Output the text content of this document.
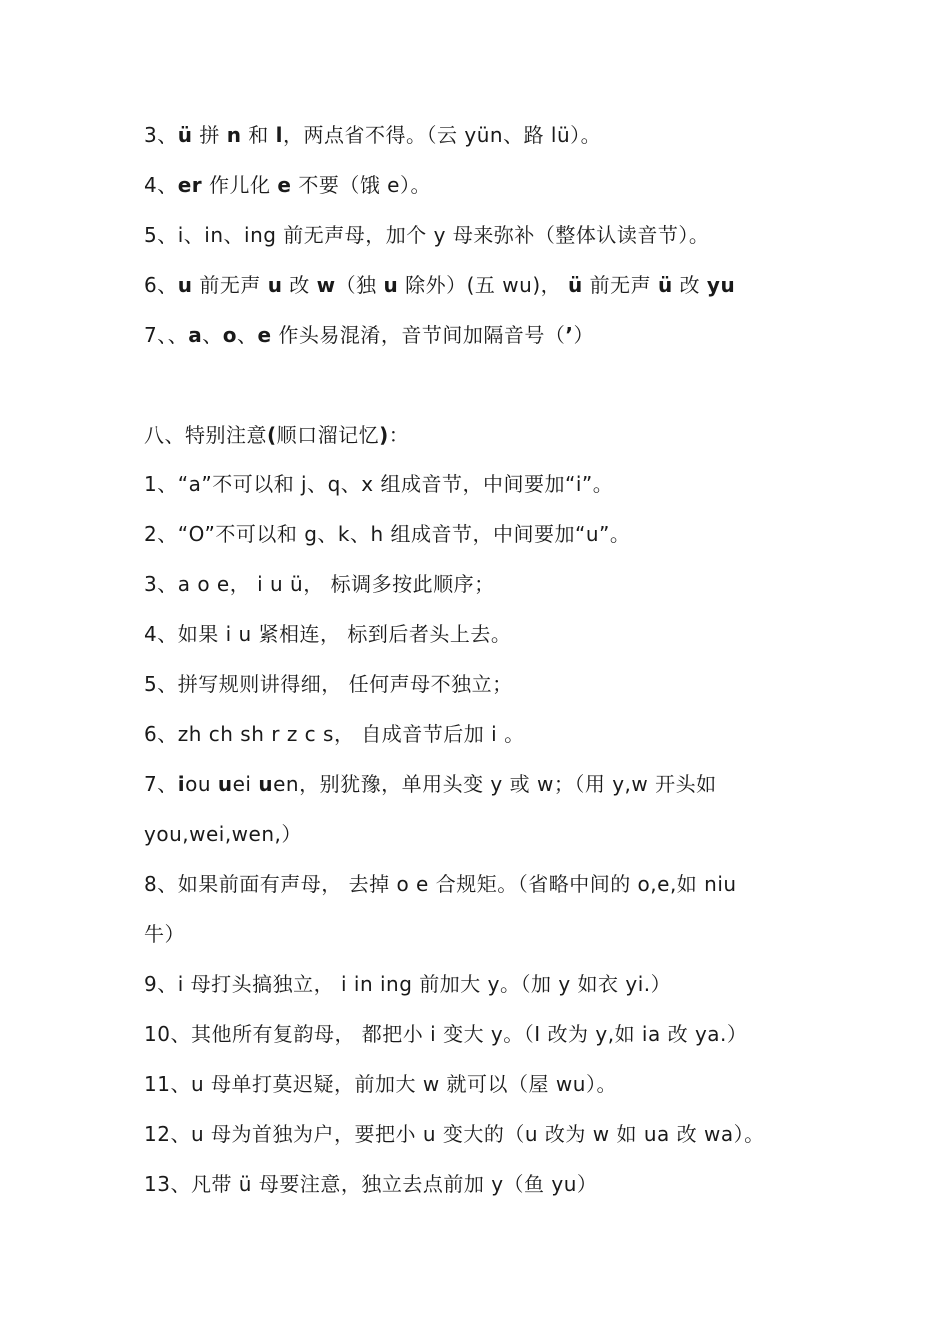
3、ü 拼 n 和 l，两点省不得。（云 yün、路 lü）。
4、er 作儿化 e 不要（饿 e）。
5、i、in、ing 前无声母，加个 y 母来弥补（整体认读音节）。
6、u 前无声 u 改 w（独 u 除外）(五 wu)， ü 前无声 ü 改 yu
7、、a、o、e 作头易混淆，音节间加隔音号（’）
八、特别注意(顺口溜记忆)：
1、“a”不可以和 j、q、x 组成音节，中间要加“i”。
2、“O”不可以和 g、k、h 组成音节，中间要加“u”。
3、a o e， i u ü， 标调多按此顺序；
4、如果 i u 紧相连， 标到后者头上去。
5、拼写规则讲得细， 任何声母不独立；
6、zh ch sh r z c s， 自成音节后加 i 。
7、iou uei uen，别犹豫，单用头变 y 或 w；（用 y,w 开头如
you,wei,wen,）
8、如果前面有声母， 去掉 o e 合规矩。（省略中间的 o,e,如 niu
牛）
9、i 母打头搞独立， i in ing 前加大 y。（加 y 如衣 yi.）
10、其他所有复韵母， 都把小 i 变大 y。（I 改为 y,如 ia 改 ya.）
11、u 母单打莫迟疑，前加大 w 就可以（屋 wu）。
12、u 母为首独为户，要把小 u 变大的（u 改为 w 如 ua 改 wa）。
13、凡带 ü 母要注意，独立去点前加 y（鱼 yu）
